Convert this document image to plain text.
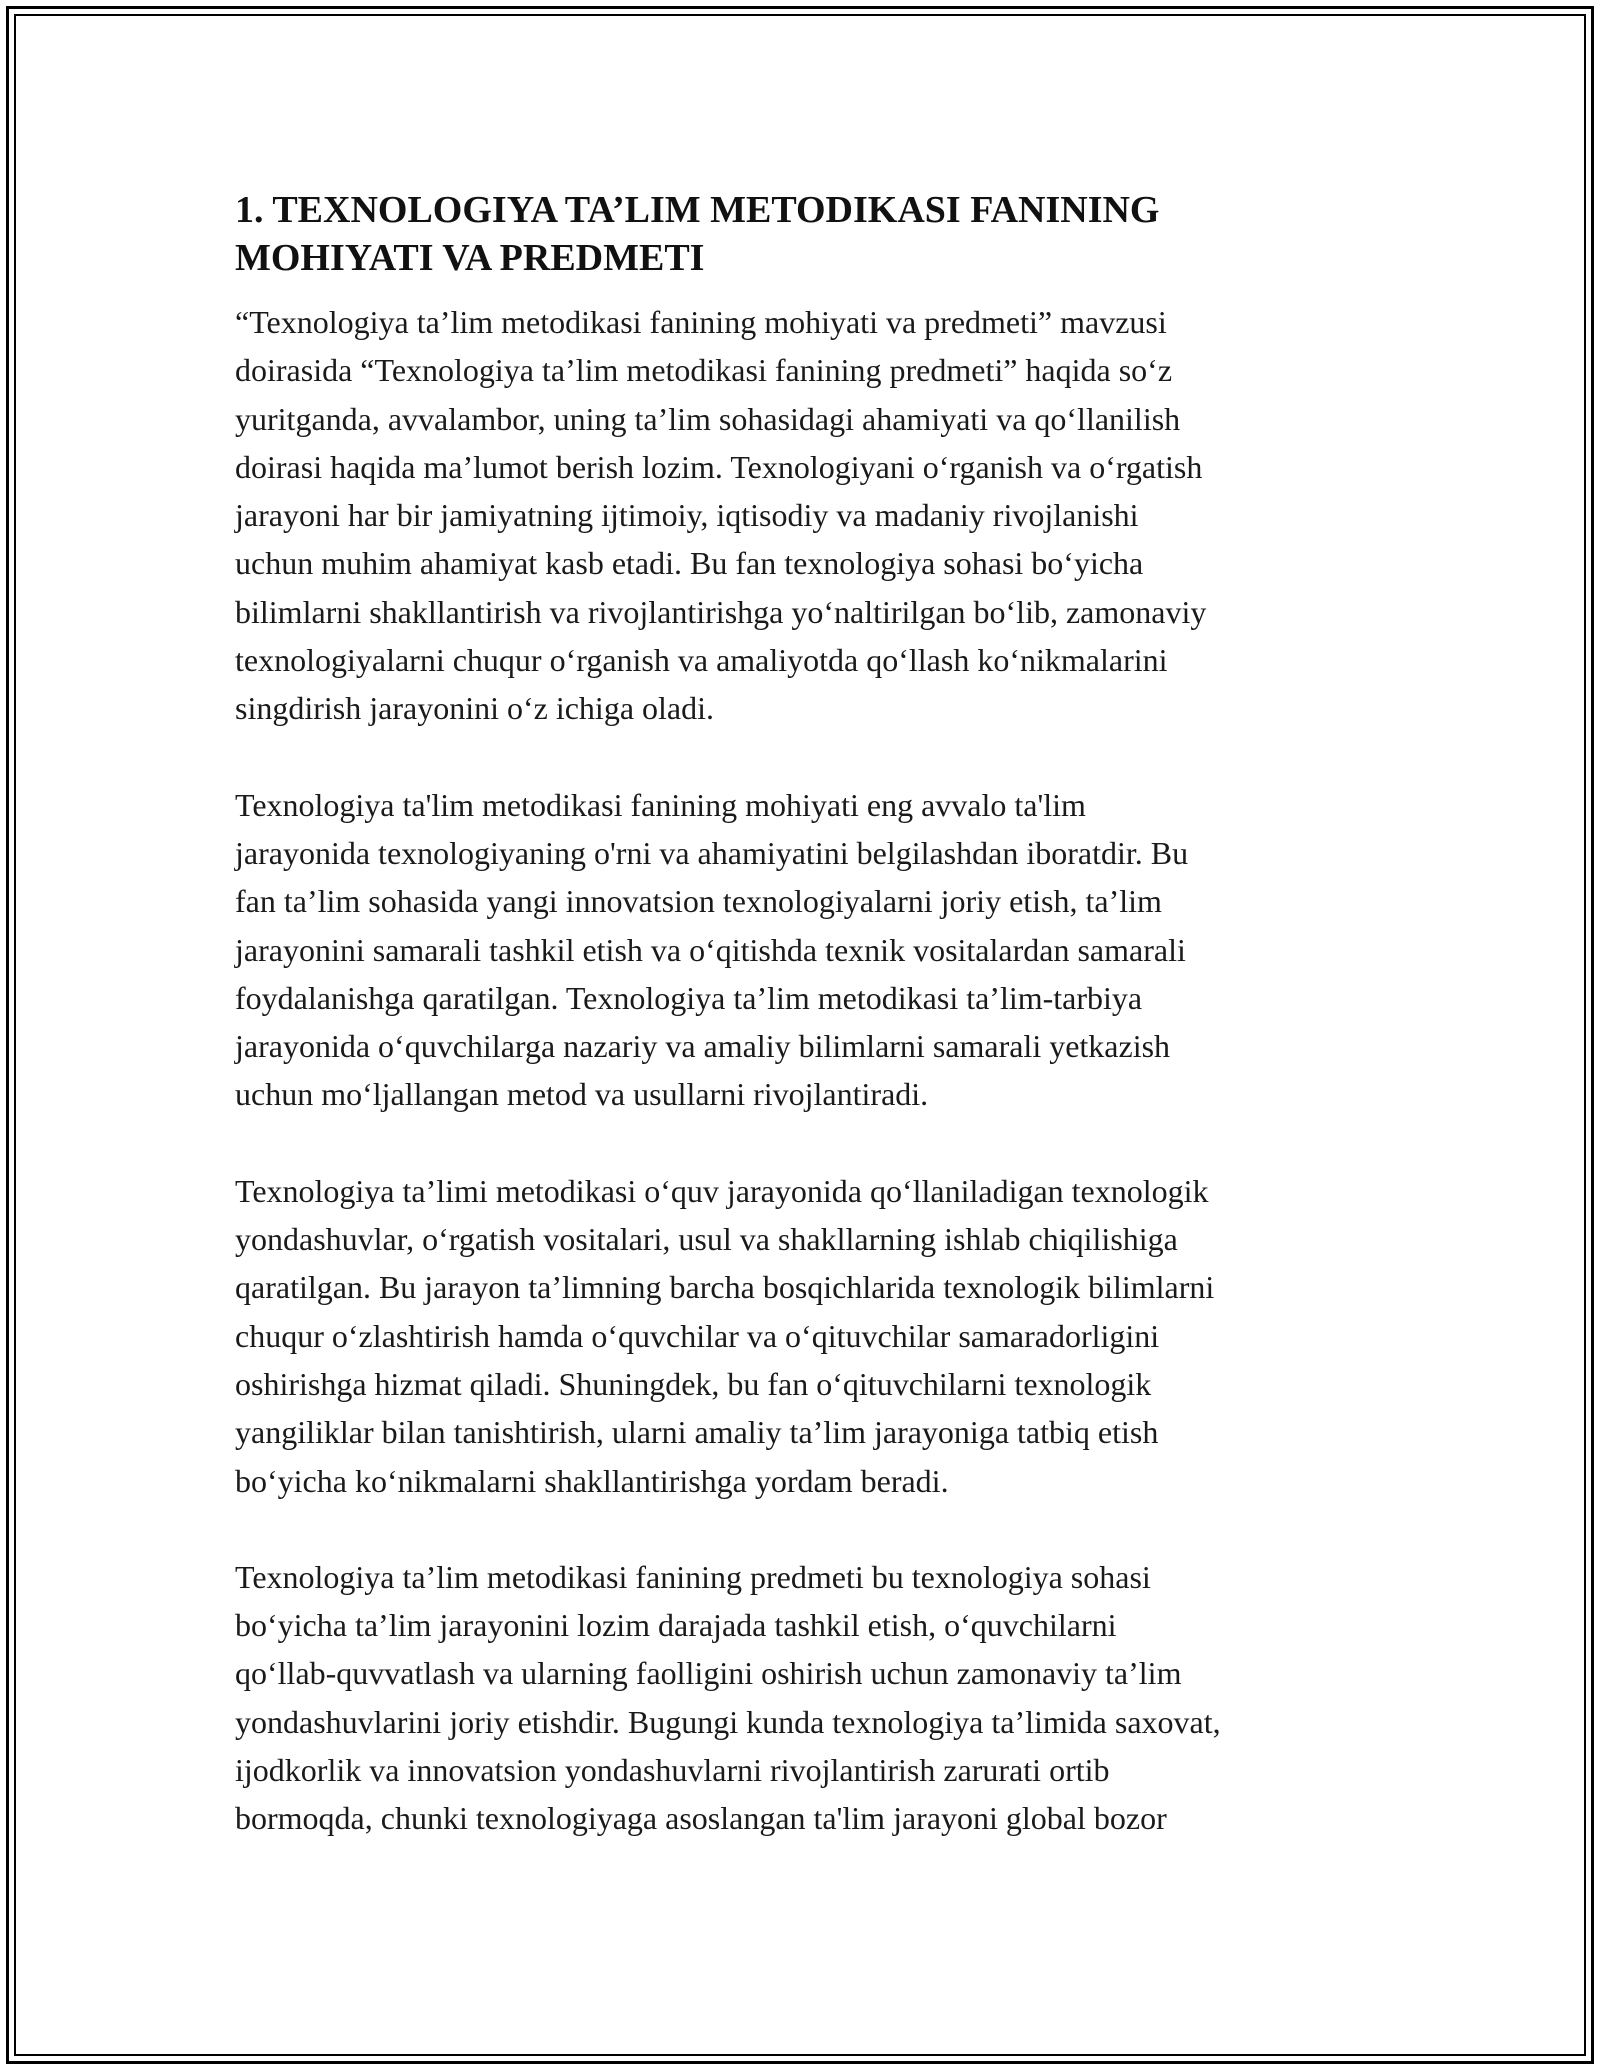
1. TEXNOLOGIYA TA’LIM METODIKASI FANINING
MOHIYATI VA PREDMETI

“Texnologiya ta’lim metodikasi fanining mohiyati va predmeti” mavzusi
doirasida “Texnologiya ta’lim metodikasi fanining predmeti” haqida so‘z
yuritganda, avvalambor, uning ta’lim sohasidagi ahamiyati va qo‘llanilish
doirasi haqida ma’lumot berish lozim. Texnologiyani o‘rganish va o‘rgatish
jarayoni har bir jamiyatning ijtimoiy, iqtisodiy va madaniy rivojlanishi
uchun muhim ahamiyat kasb etadi. Bu fan texnologiya sohasi bo‘yicha
bilimlarni shakllantirish va rivojlantirishga yo‘naltirilgan bo‘lib, zamonaviy
texnologiyalarni chuqur o‘rganish va amaliyotda qo‘llash ko‘nikmalarini
singdirish jarayonini o‘z ichiga oladi.

Texnologiya ta'lim metodikasi fanining mohiyati eng avvalo ta'lim
jarayonida texnologiyaning o'rni va ahamiyatini belgilashdan iboratdir. Bu
fan ta’lim sohasida yangi innovatsion texnologiyalarni joriy etish, ta’lim
jarayonini samarali tashkil etish va o‘qitishda texnik vositalardan samarali
foydalanishga qaratilgan. Texnologiya ta’lim metodikasi ta’lim-tarbiya
jarayonida o‘quvchilarga nazariy va amaliy bilimlarni samarali yetkazish
uchun mo‘ljallangan metod va usullarni rivojlantiradi.

Texnologiya ta’limi metodikasi o‘quv jarayonida qo‘llaniladigan texnologik
yondashuvlar, o‘rgatish vositalari, usul va shakllarning ishlab chiqilishiga
qaratilgan. Bu jarayon ta’limning barcha bosqichlarida texnologik bilimlarni
chuqur o‘zlashtirish hamda o‘quvchilar va o‘qituvchilar samaradorligini
oshirishga hizmat qiladi. Shuningdek, bu fan o‘qituvchilarni texnologik
yangiliklar bilan tanishtirish, ularni amaliy ta’lim jarayoniga tatbiq etish
bo‘yicha ko‘nikmalarni shakllantirishga yordam beradi.

Texnologiya ta’lim metodikasi fanining predmeti bu texnologiya sohasi
bo‘yicha ta’lim jarayonini lozim darajada tashkil etish, o‘quvchilarni
qo‘llab-quvvatlash va ularning faolligini oshirish uchun zamonaviy ta’lim
yondashuvlarini joriy etishdir. Bugungi kunda texnologiya ta’limida saxovat,
ijodkorlik va innovatsion yondashuvlarni rivojlantirish zarurati ortib
bormoqda, chunki texnologiyaga asoslangan ta'lim jarayoni global bozor
